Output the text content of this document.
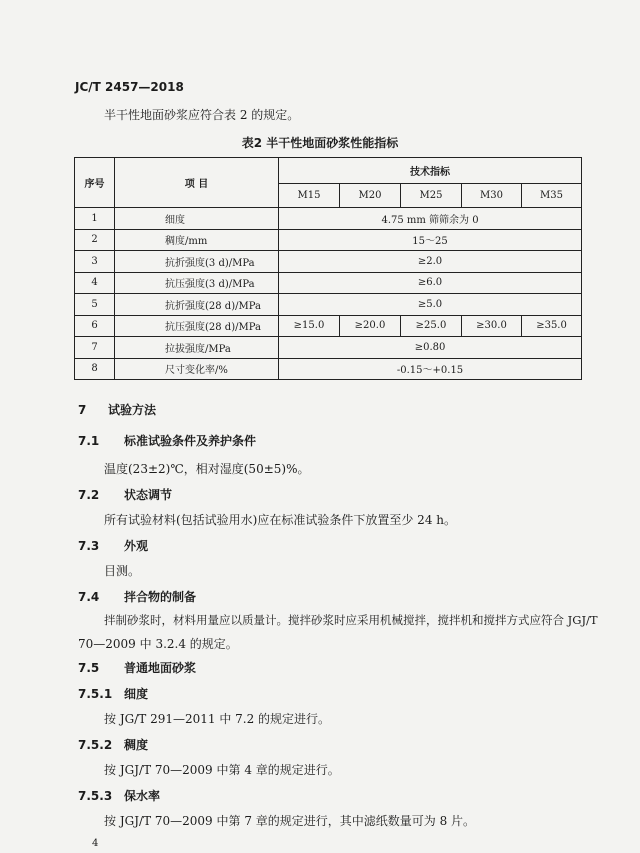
JC/T 2457—2018
半干性地面砂浆应符合表 2 的规定。
表2 半干性地面砂浆性能指标
序号	项 目	技术指标				
		M15	M20	M25	M30	M35
1	细度	4.75 mm 筛筛余为 0				
2	稠度/mm	15～25				
3	抗折强度(3 d)/MPa	≥2.0				
4	抗压强度(3 d)/MPa	≥6.0				
5	抗折强度(28 d)/MPa	≥5.0				
6	抗压强度(28 d)/MPa	≥15.0	≥20.0	≥25.0	≥30.0	≥35.0
7	拉拔强度/MPa	≥0.80				
8	尺寸变化率/%	-0.15～+0.15				
7 试验方法
7.1 标准试验条件及养护条件
温度(23±2)℃，相对湿度(50±5)%。
7.2 状态调节
所有试验材料(包括试验用水)应在标准试验条件下放置至少 24 h。
7.3 外观
目测。
7.4 拌合物的制备
拌制砂浆时，材料用量应以质量计。搅拌砂浆时应采用机械搅拌，搅拌机和搅拌方式应符合 JGJ/T
70—2009 中 3.2.4 的规定。
7.5 普通地面砂浆
7.5.1 细度
按 JG/T 291—2011 中 7.2 的规定进行。
7.5.2 稠度
按 JGJ/T 70—2009 中第 4 章的规定进行。
7.5.3 保水率
按 JGJ/T 70—2009 中第 7 章的规定进行，其中滤纸数量可为 8 片。
4
